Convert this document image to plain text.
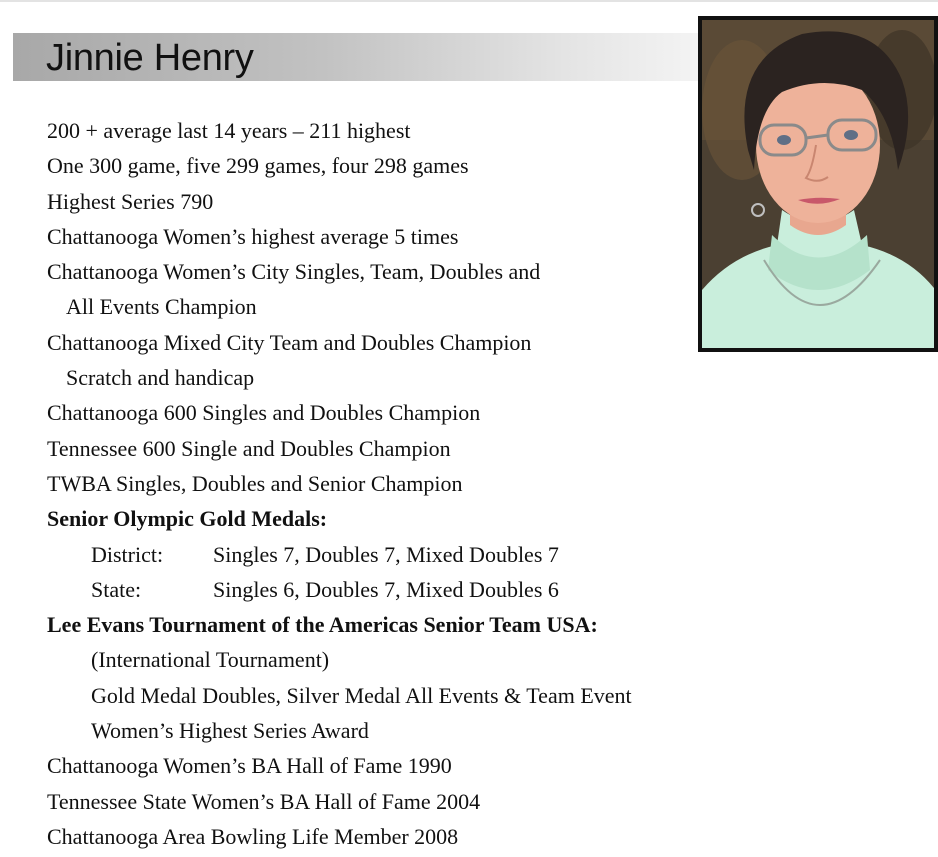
Jinnie Henry
200 + average last 14 years – 211 highest
One 300 game, five 299 games, four 298 games
Highest Series 790
Chattanooga Women’s highest average 5 times
Chattanooga Women’s City Singles, Team, Doubles and
All Events Champion
Chattanooga Mixed City Team and Doubles Champion
Scratch and handicap
Chattanooga 600 Singles and Doubles Champion
Tennessee 600 Single and Doubles Champion
TWBA Singles, Doubles and Senior Champion
Senior Olympic Gold Medals:
District: Singles 7, Doubles 7, Mixed Doubles 7
State:	Singles 6, Doubles 7, Mixed Doubles 6
Lee Evans Tournament of the Americas Senior Team USA:
(International Tournament)
Gold Medal Doubles, Silver Medal All Events & Team Event
Women’s Highest Series Award
Chattanooga Women’s BA Hall of Fame 1990
Tennessee State Women’s BA Hall of Fame 2004
Chattanooga Area Bowling Life Member 2008
